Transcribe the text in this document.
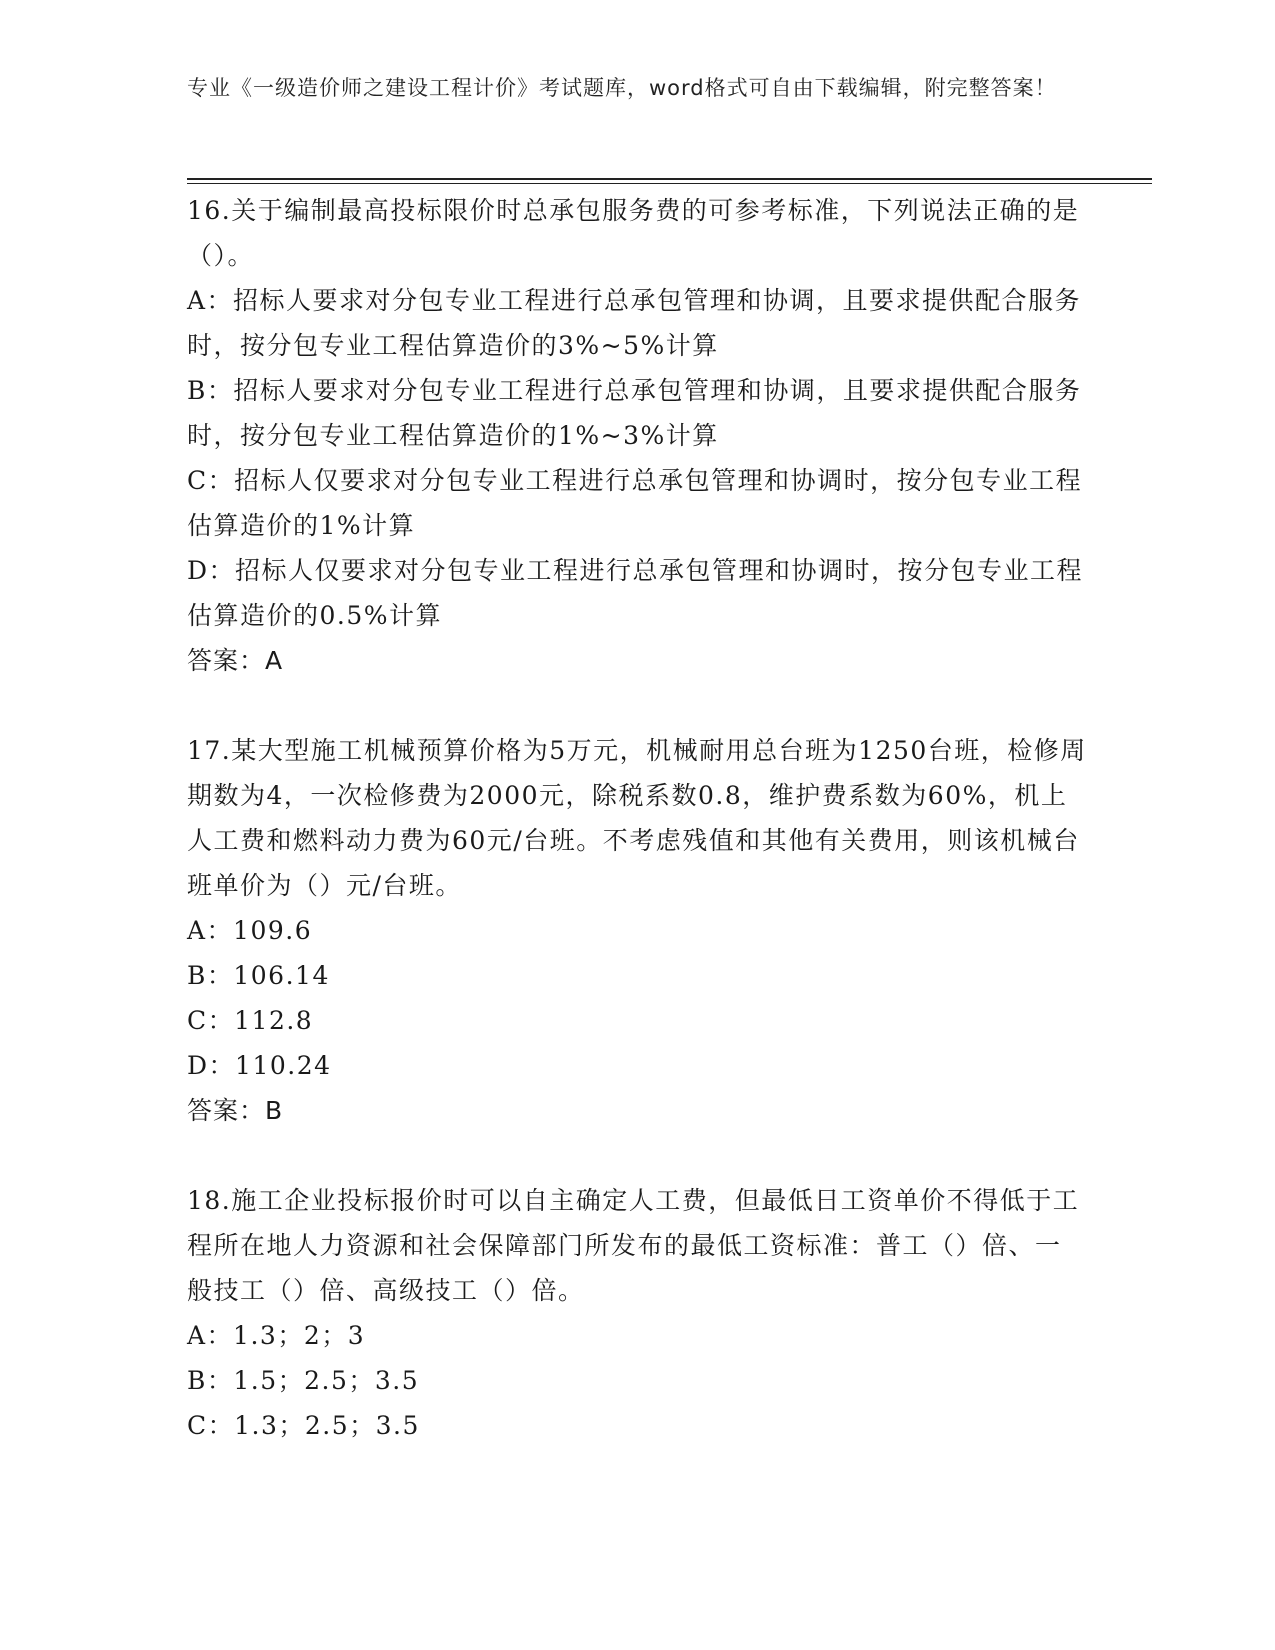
专业《一级造价师之建设工程计价》考试题库，word格式可自由下载编辑，附完整答案！

16.关于编制最高投标限价时总承包服务费的可参考标准，下列说法正确的是（）。

A：招标人要求对分包专业工程进行总承包管理和协调，且要求提供配合服务时，按分包专业工程估算造价的3%~5%计算

B：招标人要求对分包专业工程进行总承包管理和协调，且要求提供配合服务时，按分包专业工程估算造价的1%~3%计算

C：招标人仅要求对分包专业工程进行总承包管理和协调时，按分包专业工程估算造价的1%计算

D：招标人仅要求对分包专业工程进行总承包管理和协调时，按分包专业工程估算造价的0.5%计算

答案：A

17.某大型施工机械预算价格为5万元，机械耐用总台班为1250台班，检修周期数为4，一次检修费为2000元，除税系数0.8，维护费系数为60%，机上人工费和燃料动力费为60元/台班。不考虑残值和其他有关费用，则该机械台班单价为（）元/台班。

A：109.6

B：106.14

C：112.8

D：110.24

答案：B

18.施工企业投标报价时可以自主确定人工费，但最低日工资单价不得低于工程所在地人力资源和社会保障部门所发布的最低工资标准：普工（）倍、一般技工（）倍、高级技工（）倍。

A：1.3；2；3

B：1.5；2.5；3.5

C：1.3；2.5；3.5
